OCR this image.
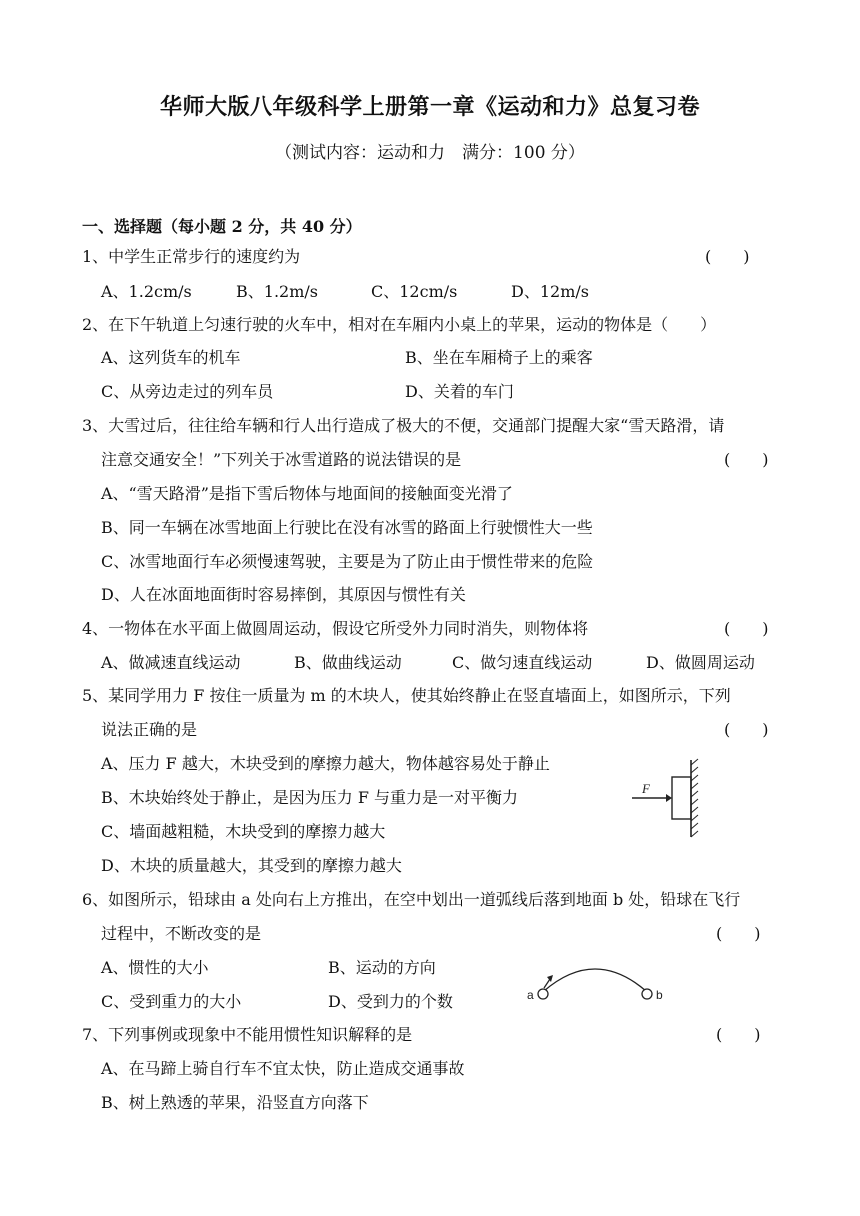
华师大版八年级科学上册第一章《运动和力》总复习卷
（测试内容：运动和力　满分：100 分）
一、选择题（每小题 2 分，共 40 分）
1、中学生正常步行的速度约为	(　　)
A、1.2cm/s	B、1.2m/s	C、12cm/s	D、12m/s
2、在下午轨道上匀速行驶的火车中，相对在车厢内小桌上的苹果，运动的物体是（　　）
A、这列货车的机车	B、坐在车厢椅子上的乘客
C、从旁边走过的列车员	D、关着的车门
3、大雪过后，往往给车辆和行人出行造成了极大的不便，交通部门提醒大家“雪天路滑，请
注意交通安全！”下列关于冰雪道路的说法错误的是	(　　)
A、“雪天路滑”是指下雪后物体与地面间的接触面变光滑了
B、同一车辆在冰雪地面上行驶比在没有冰雪的路面上行驶惯性大一些
C、冰雪地面行车必须慢速驾驶，主要是为了防止由于惯性带来的危险
D、人在冰面地面街时容易摔倒，其原因与惯性有关
4、一物体在水平面上做圆周运动，假设它所受外力同时消失，则物体将	(　　)
A、做减速直线运动	B、做曲线运动	C、做匀速直线运动	D、做圆周运动
5、某同学用力 F 按住一质量为 m 的木块人，使其始终静止在竖直墙面上，如图所示，下列
说法正确的是	(　　)
A、压力 F 越大，木块受到的摩擦力越大，物体越容易处于静止
B、木块始终处于静止，是因为压力 F 与重力是一对平衡力
C、墙面越粗糙，木块受到的摩擦力越大
D、木块的质量越大，其受到的摩擦力越大
F
6、如图所示，铅球由 a 处向右上方推出，在空中划出一道弧线后落到地面 b 处，铅球在飞行
过程中，不断改变的是	(　　)
A、惯性的大小	B、运动的方向
C、受到重力的大小	D、受到力的个数	a	b
7、下列事例或现象中不能用惯性知识解释的是	(　　)
A、在马蹄上骑自行车不宜太快，防止造成交通事故
B、树上熟透的苹果，沿竖直方向落下
